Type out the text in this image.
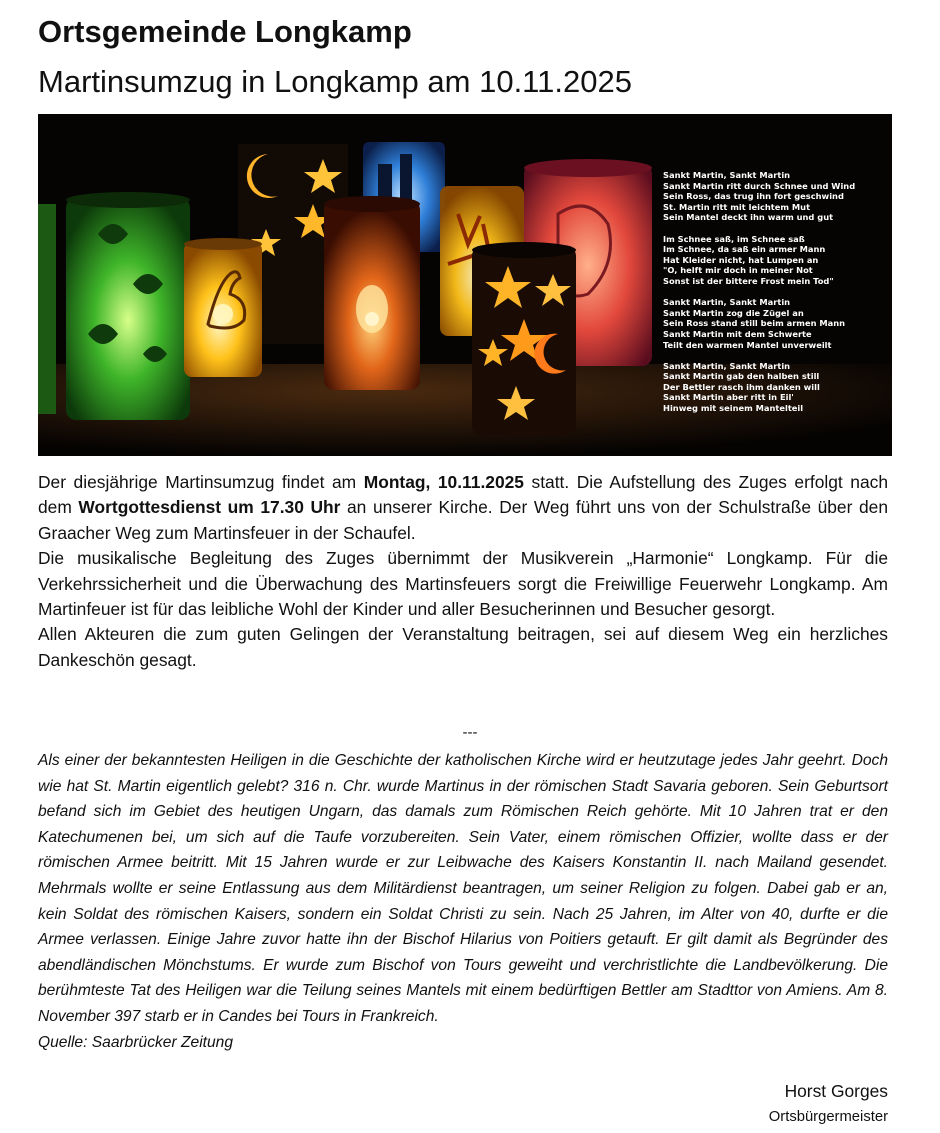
Ortsgemeinde Longkamp
Martinsumzug in Longkamp am 10.11.2025
Sankt Martin, Sankt Martin
Sankt Martin ritt durch Schnee und Wind
Sein Ross, das trug ihn fort geschwind
St. Martin ritt mit leichtem Mut
Sein Mantel deckt ihn warm und gut
Im Schnee saß, im Schnee saß
Im Schnee, da saß ein armer Mann
Hat Kleider nicht, hat Lumpen an
"O, helft mir doch in meiner Not
Sonst ist der bittere Frost mein Tod"
Sankt Martin, Sankt Martin
Sankt Martin zog die Zügel an
Sein Ross stand still beim armen Mann
Sankt Martin mit dem Schwerte
Teilt den warmen Mantel unverweilt
Sankt Martin, Sankt Martin
Sankt Martin gab den halben still
Der Bettler rasch ihm danken will
Sankt Martin aber ritt in Eil'
Hinweg mit seinem Mantelteil

Der diesjährige Martinsumzug findet am Montag, 10.11.2025 statt. Die Aufstellung des Zuges erfolgt nach dem Wortgottesdienst um 17.30 Uhr an unserer Kirche. Der Weg führt uns von der Schulstraße über den Graacher Weg zum Martinsfeuer in der Schaufel.

Die musikalische Begleitung des Zuges übernimmt der Musikverein „Harmonie“ Longkamp. Für die Verkehrssicherheit und die Überwachung des Martinsfeuers sorgt die Freiwillige Feuerwehr Longkamp. Am Martinfeuer ist für das leibliche Wohl der Kinder und aller Besucherinnen und Besucher gesorgt.

Allen Akteuren die zum guten Gelingen der Veranstaltung beitragen, sei auf diesem Weg ein herzliches Dankeschön gesagt.

---

Als einer der bekanntesten Heiligen in die Geschichte der katholischen Kirche wird er heutzutage jedes Jahr geehrt. Doch wie hat St. Martin eigentlich gelebt? 316 n. Chr. wurde Martinus in der römischen Stadt Savaria geboren. Sein Geburtsort befand sich im Gebiet des heutigen Ungarn, das damals zum Römischen Reich gehörte. Mit 10 Jahren trat er den Katechumenen bei, um sich auf die Taufe vorzubereiten. Sein Vater, einem römischen Offizier, wollte dass er der römischen Armee beitritt. Mit 15 Jahren wurde er zur Leibwache des Kaisers Konstantin II. nach Mailand gesendet. Mehrmals wollte er seine Entlassung aus dem Militärdienst beantragen, um seiner Religion zu folgen. Dabei gab er an, kein Soldat des römischen Kaisers, sondern ein Soldat Christi zu sein. Nach 25 Jahren, im Alter von 40, durfte er die Armee verlassen. Einige Jahre zuvor hatte ihn der Bischof Hilarius von Poitiers getauft. Er gilt damit als Begründer des abendländischen Mönchstums. Er wurde zum Bischof von Tours geweiht und verchristlichte die Landbevölkerung. Die berühmteste Tat des Heiligen war die Teilung seines Mantels mit einem bedürftigen Bettler am Stadttor von Amiens. Am 8. November 397 starb er in Candes bei Tours in Frankreich.

Quelle: Saarbrücker Zeitung
Horst Gorges
Ortsbürgermeister
